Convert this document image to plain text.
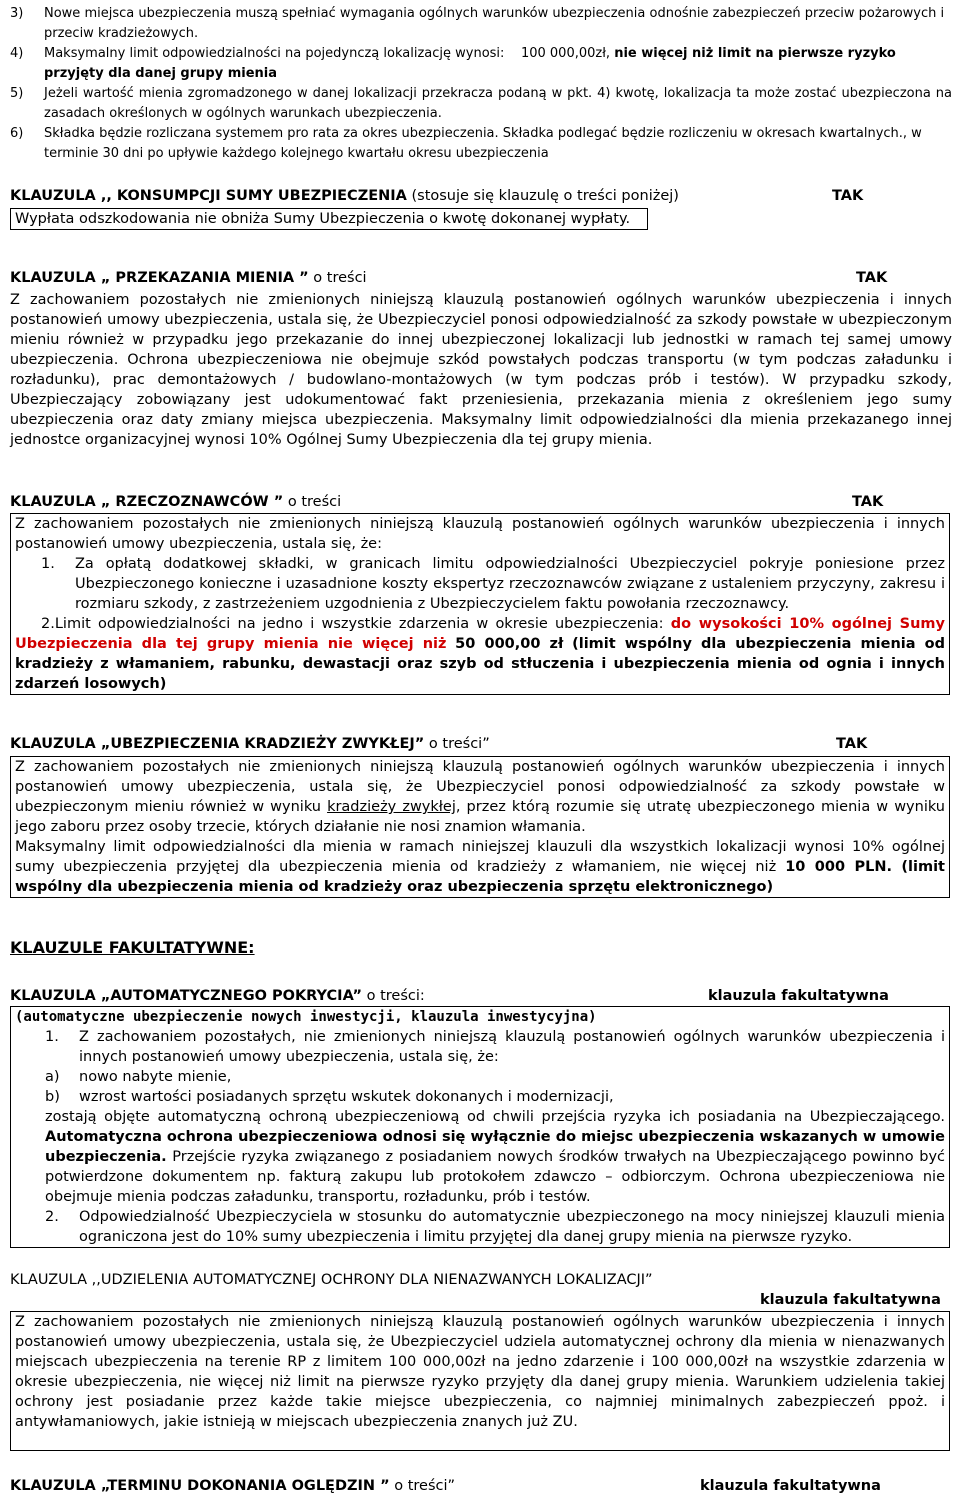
3)	Nowe miejsca ubezpieczenia muszą spełniać wymagania ogólnych warunków ubezpieczenia odnośnie zabezpieczeń przeciw pożarowych i przeciw kradzieżowych.
4)	Maksymalny limit odpowiedzialności na pojedynczą lokalizację wynosi: 100 000,00zł, nie więcej niż limit na pierwsze ryzyko przyjęty dla danej grupy mienia
5)	Jeżeli wartość mienia zgromadzonego w danej lokalizacji przekracza podaną w pkt. 4) kwotę, lokalizacja ta może zostać ubezpieczona na zasadach określonych w ogólnych warunkach ubezpieczenia.
6)	Składka będzie rozliczana systemem pro rata za okres ubezpieczenia. Składka podlegać będzie rozliczeniu w okresach kwartalnych., w terminie 30 dni po upływie każdego kolejnego kwartału okresu ubezpieczenia
KLAUZULA ,, KONSUMPCJI SUMY UBEZPIECZENIA (stosuje się klauzulę o treści poniżej)	TAK
Wypłata odszkodowania nie obniża Sumy Ubezpieczenia o kwotę dokonanej wypłaty.
KLAUZULA „ PRZEKAZANIA MIENIA ” o treści	TAK
Z zachowaniem pozostałych nie zmienionych niniejszą klauzulą postanowień ogólnych warunków ubezpieczenia i innych postanowień umowy ubezpieczenia, ustala się, że Ubezpieczyciel ponosi odpowiedzialność za szkody powstałe w ubezpieczonym mieniu również w przypadku jego przekazanie do innej ubezpieczonej lokalizacji lub jednostki w ramach tej samej umowy ubezpieczenia. Ochrona ubezpieczeniowa nie obejmuje szkód powstałych podczas transportu (w tym podczas załadunku i rozładunku), prac demontażowych / budowlano-montażowych (w tym podczas prób i testów). W przypadku szkody, Ubezpieczający zobowiązany jest udokumentować fakt przeniesienia, przekazania mienia z określeniem jego sumy ubezpieczenia oraz daty zmiany miejsca ubezpieczenia. Maksymalny limit odpowiedzialności dla mienia przekazanego innej jednostce organizacyjnej wynosi 10% Ogólnej Sumy Ubezpieczenia dla tej grupy mienia.
KLAUZULA „ RZECZOZNAWCÓW ” o treści	TAK
Z zachowaniem pozostałych nie zmienionych niniejszą klauzulą postanowień ogólnych warunków ubezpieczenia i innych postanowień umowy ubezpieczenia, ustala się, że:
1.	Za opłatą dodatkowej składki, w granicach limitu odpowiedzialności Ubezpieczyciel pokryje poniesione przez Ubezpieczonego konieczne i uzasadnione koszty ekspertyz rzeczoznawców związane z ustaleniem przyczyny, zakresu i rozmiaru szkody, z zastrzeżeniem uzgodnienia z Ubezpieczycielem faktu powołania rzeczoznawcy.
2.Limit odpowiedzialności na jedno i wszystkie zdarzenia w okresie ubezpieczenia: do wysokości 10% ogólnej Sumy Ubezpieczenia dla tej grupy mienia nie więcej niż 50 000,00 zł (limit wspólny dla ubezpieczenia mienia od kradzieży z włamaniem, rabunku, dewastacji oraz szyb od stłuczenia i ubezpieczenia mienia od ognia i innych zdarzeń losowych)
KLAUZULA „UBEZPIECZENIA KRADZIEŻY ZWYKŁEJ” o treści”	TAK
Z zachowaniem pozostałych nie zmienionych niniejszą klauzulą postanowień ogólnych warunków ubezpieczenia i innych postanowień umowy ubezpieczenia, ustala się, że Ubezpieczyciel ponosi odpowiedzialność za szkody powstałe w ubezpieczonym mieniu również w wyniku kradzieży zwykłej, przez którą rozumie się utratę ubezpieczonego mienia w wyniku jego zaboru przez osoby trzecie, których działanie nie nosi znamion włamania.
Maksymalny limit odpowiedzialności dla mienia w ramach niniejszej klauzuli dla wszystkich lokalizacji wynosi 10% ogólnej sumy ubezpieczenia przyjętej dla ubezpieczenia mienia od kradzieży z włamaniem, nie więcej niż 10 000 PLN. (limit wspólny dla ubezpieczenia mienia od kradzieży oraz ubezpieczenia sprzętu elektronicznego)
KLAUZULE FAKULTATYWNE:
KLAUZULA „AUTOMATYCZNEGO POKRYCIA” o treści:	klauzula fakultatywna
(automatyczne ubezpieczenie nowych inwestycji, klauzula inwestycyjna)
1.	Z zachowaniem pozostałych, nie zmienionych niniejszą klauzulą postanowień ogólnych warunków ubezpieczenia i innych postanowień umowy ubezpieczenia, ustala się, że:
a)	nowo nabyte mienie,
b)	wzrost wartości posiadanych sprzętu wskutek dokonanych i modernizacji,
zostają objęte automatyczną ochroną ubezpieczeniową od chwili przejścia ryzyka ich posiadania na Ubezpieczającego. Automatyczna ochrona ubezpieczeniowa odnosi się wyłącznie do miejsc ubezpieczenia wskazanych w umowie ubezpieczenia. Przejście ryzyka związanego z posiadaniem nowych środków trwałych na Ubezpieczającego powinno być potwierdzone dokumentem np. fakturą zakupu lub protokołem zdawczo – odbiorczym. Ochrona ubezpieczeniowa nie obejmuje mienia podczas załadunku, transportu, rozładunku, prób i testów.
2.	Odpowiedzialność Ubezpieczyciela w stosunku do automatycznie ubezpieczonego na mocy niniejszej klauzuli mienia ograniczona jest do 10% sumy ubezpieczenia i limitu przyjętej dla danej grupy mienia na pierwsze ryzyko.
KLAUZULA ,,UDZIELENIA AUTOMATYCZNEJ OCHRONY DLA NIENAZWANYCH LOKALIZACJI”
klauzula fakultatywna
Z zachowaniem pozostałych nie zmienionych niniejszą klauzulą postanowień ogólnych warunków ubezpieczenia i innych postanowień umowy ubezpieczenia, ustala się, że Ubezpieczyciel udziela automatycznej ochrony dla mienia w nienazwanych miejscach ubezpieczenia na terenie RP z limitem 100 000,00zł na jedno zdarzenie i 100 000,00zł na wszystkie zdarzenia w okresie ubezpieczenia, nie więcej niż limit na pierwsze ryzyko przyjęty dla danej grupy mienia. Warunkiem udzielenia takiej ochrony jest posiadanie przez każde takie miejsce ubezpieczenia, co najmniej minimalnych zabezpieczeń ppoż. i antywłamaniowych, jakie istnieją w miejscach ubezpieczenia znanych już ZU.
KLAUZULA „TERMINU DOKONANIA OGLĘDZIN ” o treści”	klauzula fakultatywna
